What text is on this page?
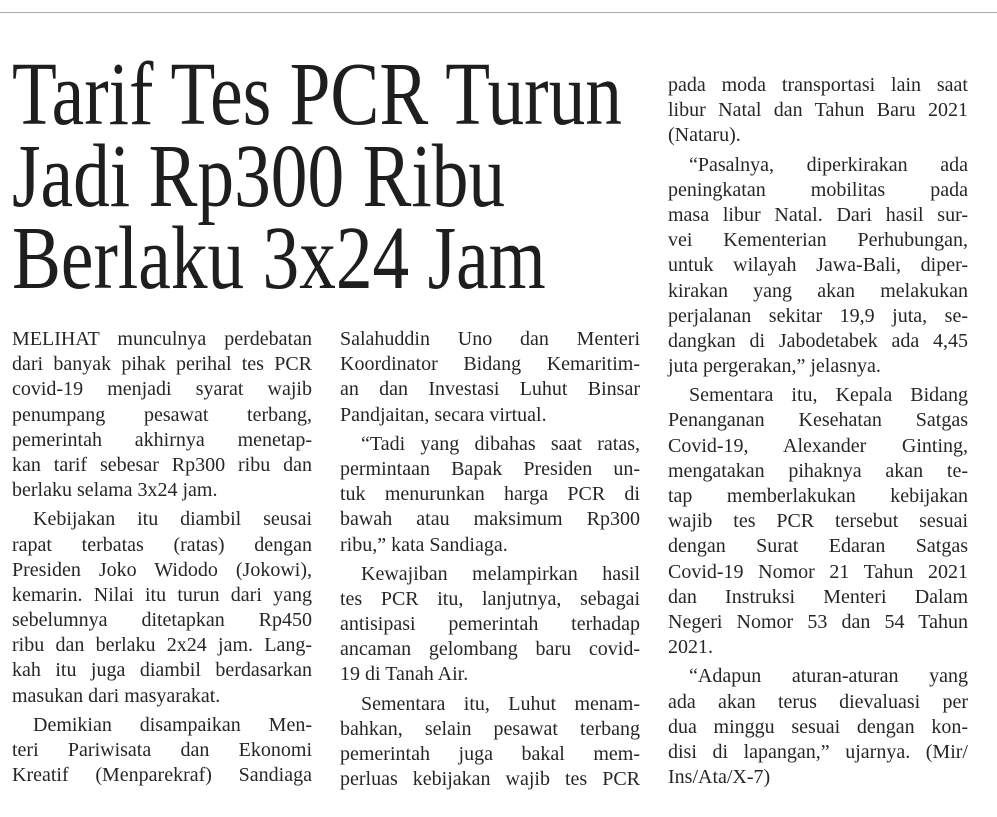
Tarif Tes PCR Turun
Jadi Rp300 Ribu
Berlaku 3x24 Jam
MELIHAT munculnya perdebatan
dari banyak pihak perihal tes PCR
covid-19 menjadi syarat wajib
penumpang pesawat terbang,
pemerintah akhirnya menetap-
kan tarif sebesar Rp300 ribu dan
berlaku selama 3x24 jam.
Kebijakan itu diambil seusai
rapat terbatas (ratas) dengan
Presiden Joko Widodo (Jokowi),
kemarin. Nilai itu turun dari yang
sebelumnya ditetapkan Rp450
ribu dan berlaku 2x24 jam. Lang-
kah itu juga diambil berdasarkan
masukan dari masyarakat.
Demikian disampaikan Men-
teri Pariwisata dan Ekonomi
Kreatif (Menparekraf) Sandiaga
Salahuddin Uno dan Menteri
Koordinator Bidang Kemaritim-
an dan Investasi Luhut Binsar
Pandjaitan, secara virtual.
“Tadi yang dibahas saat ratas,
permintaan Bapak Presiden un-
tuk menurunkan harga PCR di
bawah atau maksimum Rp300
ribu,” kata Sandiaga.
Kewajiban melampirkan hasil
tes PCR itu, lanjutnya, sebagai
antisipasi pemerintah terhadap
ancaman gelombang baru covid-
19 di Tanah Air.
Sementara itu, Luhut menam-
bahkan, selain pesawat terbang
pemerintah juga bakal mem-
perluas kebijakan wajib tes PCR
pada moda transportasi lain saat
libur Natal dan Tahun Baru 2021
(Nataru).
“Pasalnya, diperkirakan ada
peningkatan mobilitas pada
masa libur Natal. Dari hasil sur-
vei Kementerian Perhubungan,
untuk wilayah Jawa-Bali, diper-
kirakan yang akan melakukan
perjalanan sekitar 19,9 juta, se-
dangkan di Jabodetabek ada 4,45
juta pergerakan,” jelasnya.
Sementara itu, Kepala Bidang
Penanganan Kesehatan Satgas
Covid-19, Alexander Ginting,
mengatakan pihaknya akan te-
tap memberlakukan kebijakan
wajib tes PCR tersebut sesuai
dengan Surat Edaran Satgas
Covid-19 Nomor 21 Tahun 2021
dan Instruksi Menteri Dalam
Negeri Nomor 53 dan 54 Tahun
2021.
“Adapun aturan-aturan yang
ada akan terus dievaluasi per
dua minggu sesuai dengan kon-
disi di lapangan,” ujarnya. (Mir/
Ins/Ata/X-7)
